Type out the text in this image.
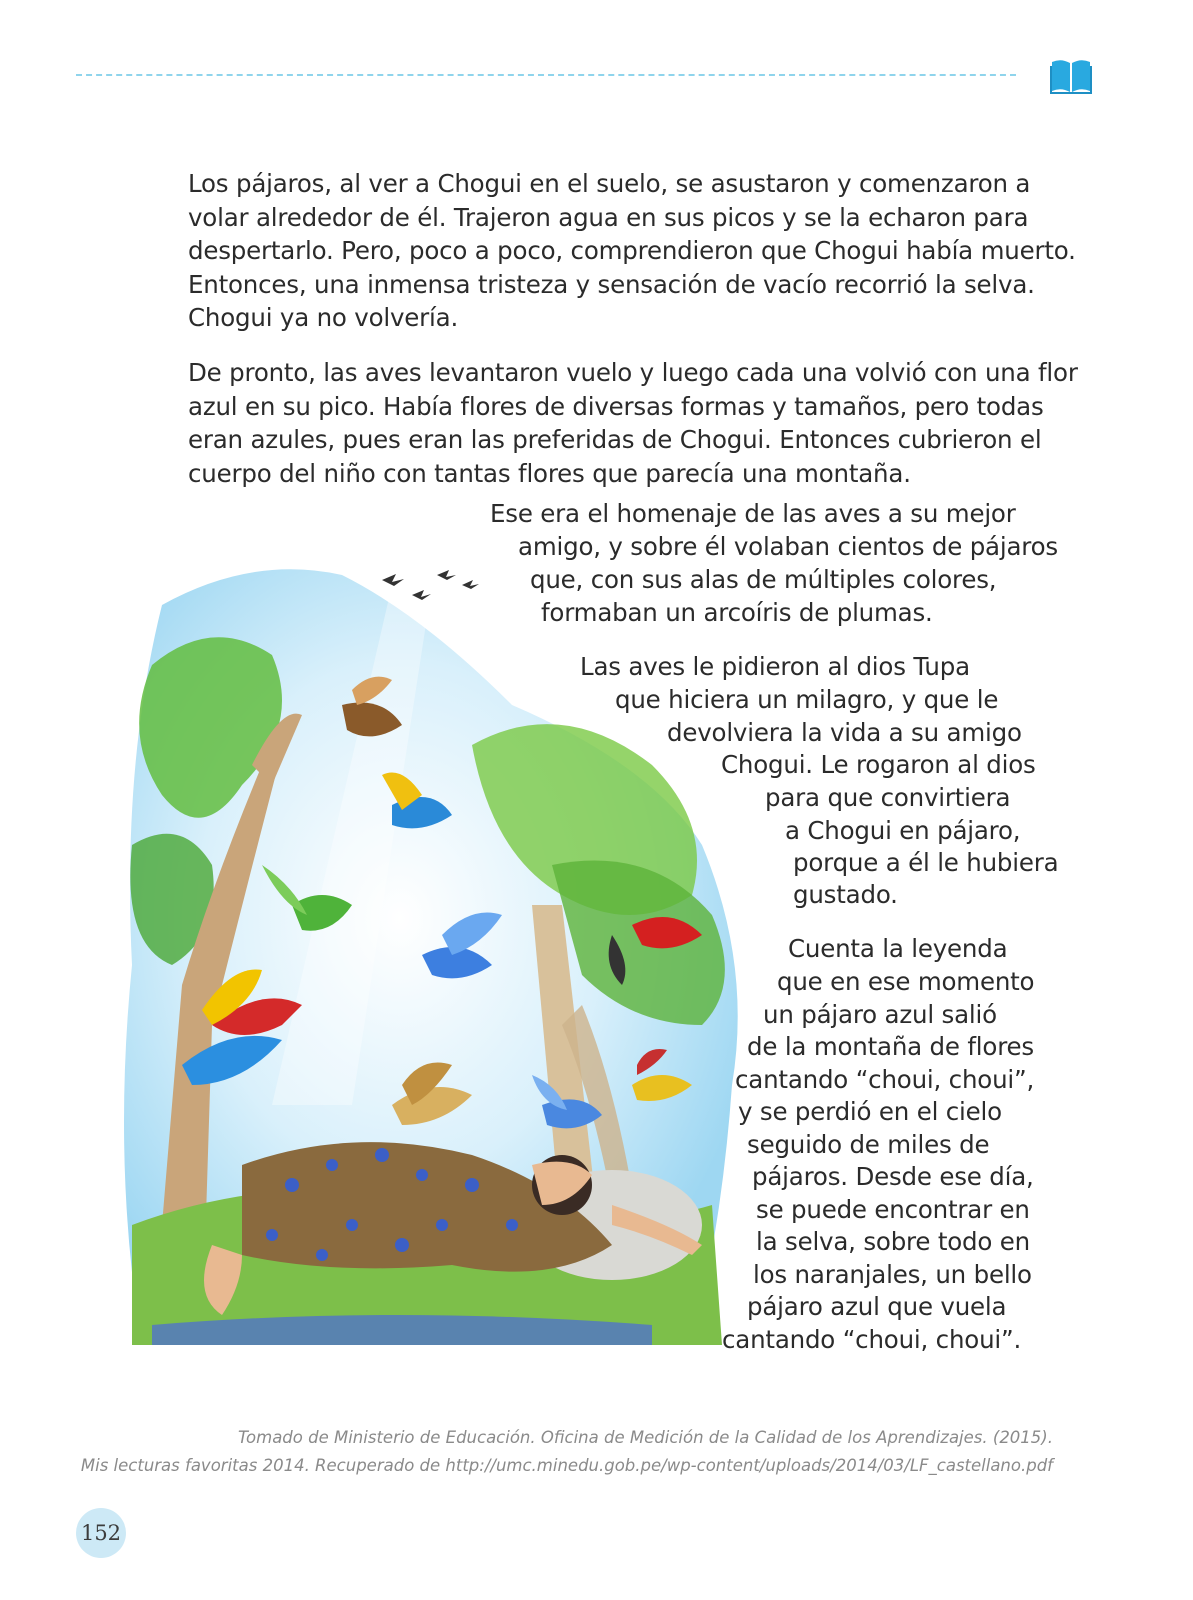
Los pájaros, al ver a Chogui en el suelo, se asustaron y comenzaron a volar alrededor de él. Trajeron agua en sus picos y se la echaron para despertarlo. Pero, poco a poco, comprendieron que Chogui había muerto. Entonces, una inmensa tristeza y sensación de vacío recorrió la selva. Chogui ya no volvería.

De pronto, las aves levantaron vuelo y luego cada una volvió con una flor azul en su pico. Había flores de diversas formas y tamaños, pero todas eran azules, pues eran las preferidas de Chogui. Entonces cubrieron el cuerpo del niño con tantas flores que parecía una montaña.

Ese era el homenaje de las aves a su mejor

amigo, y sobre él volaban cientos de pájaros

que, con sus alas de múltiples colores,

formaban un arcoíris de plumas.

Las aves le pidieron al dios Tupa

que hiciera un milagro, y que le

devolviera la vida a su amigo

Chogui. Le rogaron al dios

para que convirtiera

a Chogui en pájaro,

porque a él le hubiera

gustado.

Cuenta la leyenda

que en ese momento

un pájaro azul salió

de la montaña de flores

cantando “choui, choui”,

y se perdió en el cielo

seguido de miles de

pájaros. Desde ese día,

se puede encontrar en

la selva, sobre todo en

los naranjales, un bello

pájaro azul que vuela

cantando “choui, choui”.

Tomado de Ministerio de Educación. Oficina de Medición de la Calidad de los Aprendizajes. (2015).

Mis lecturas favoritas 2014. Recuperado de http://umc.minedu.gob.pe/wp-content/uploads/2014/03/LF_castellano.pdf

152
